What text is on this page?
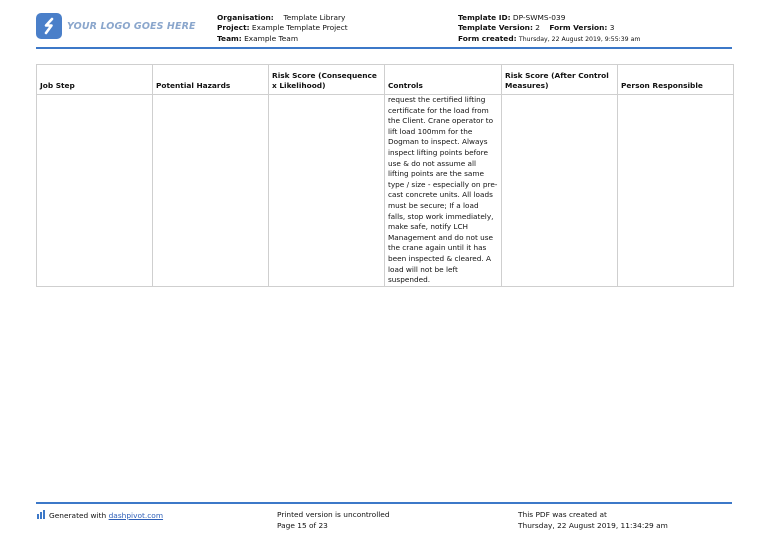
YOUR LOGO GOES HERE
Organisation:  Template Library
Project: Example Template Project
Team: Example Team
Template ID: DP-SWMS-039
Template Version: 2 Form Version: 3
Form created: Thursday, 22 August 2019, 9:55:39 am
Job Step	Potential Hazards	Risk Score (Consequence x Likelihood)	Controls	Risk Score (After Control Measures)	Person Responsible
			request the certified lifting certificate for the load from the Client. Crane operator to lift load 100mm for the Dogman to inspect. Always inspect lifting points before use & do not assume all lifting points are the same type / size - especially on pre-cast concrete units. All loads must be secure; If a load falls, stop work immediately, make safe, notify LCH Management and do not use the crane again until it has been inspected & cleared. A load will not be left suspended.		
Generated with dashpivot.com	Printed version is uncontrolled
Page 15 of 23
This PDF was created at
Thursday, 22 August 2019, 11:34:29 am
